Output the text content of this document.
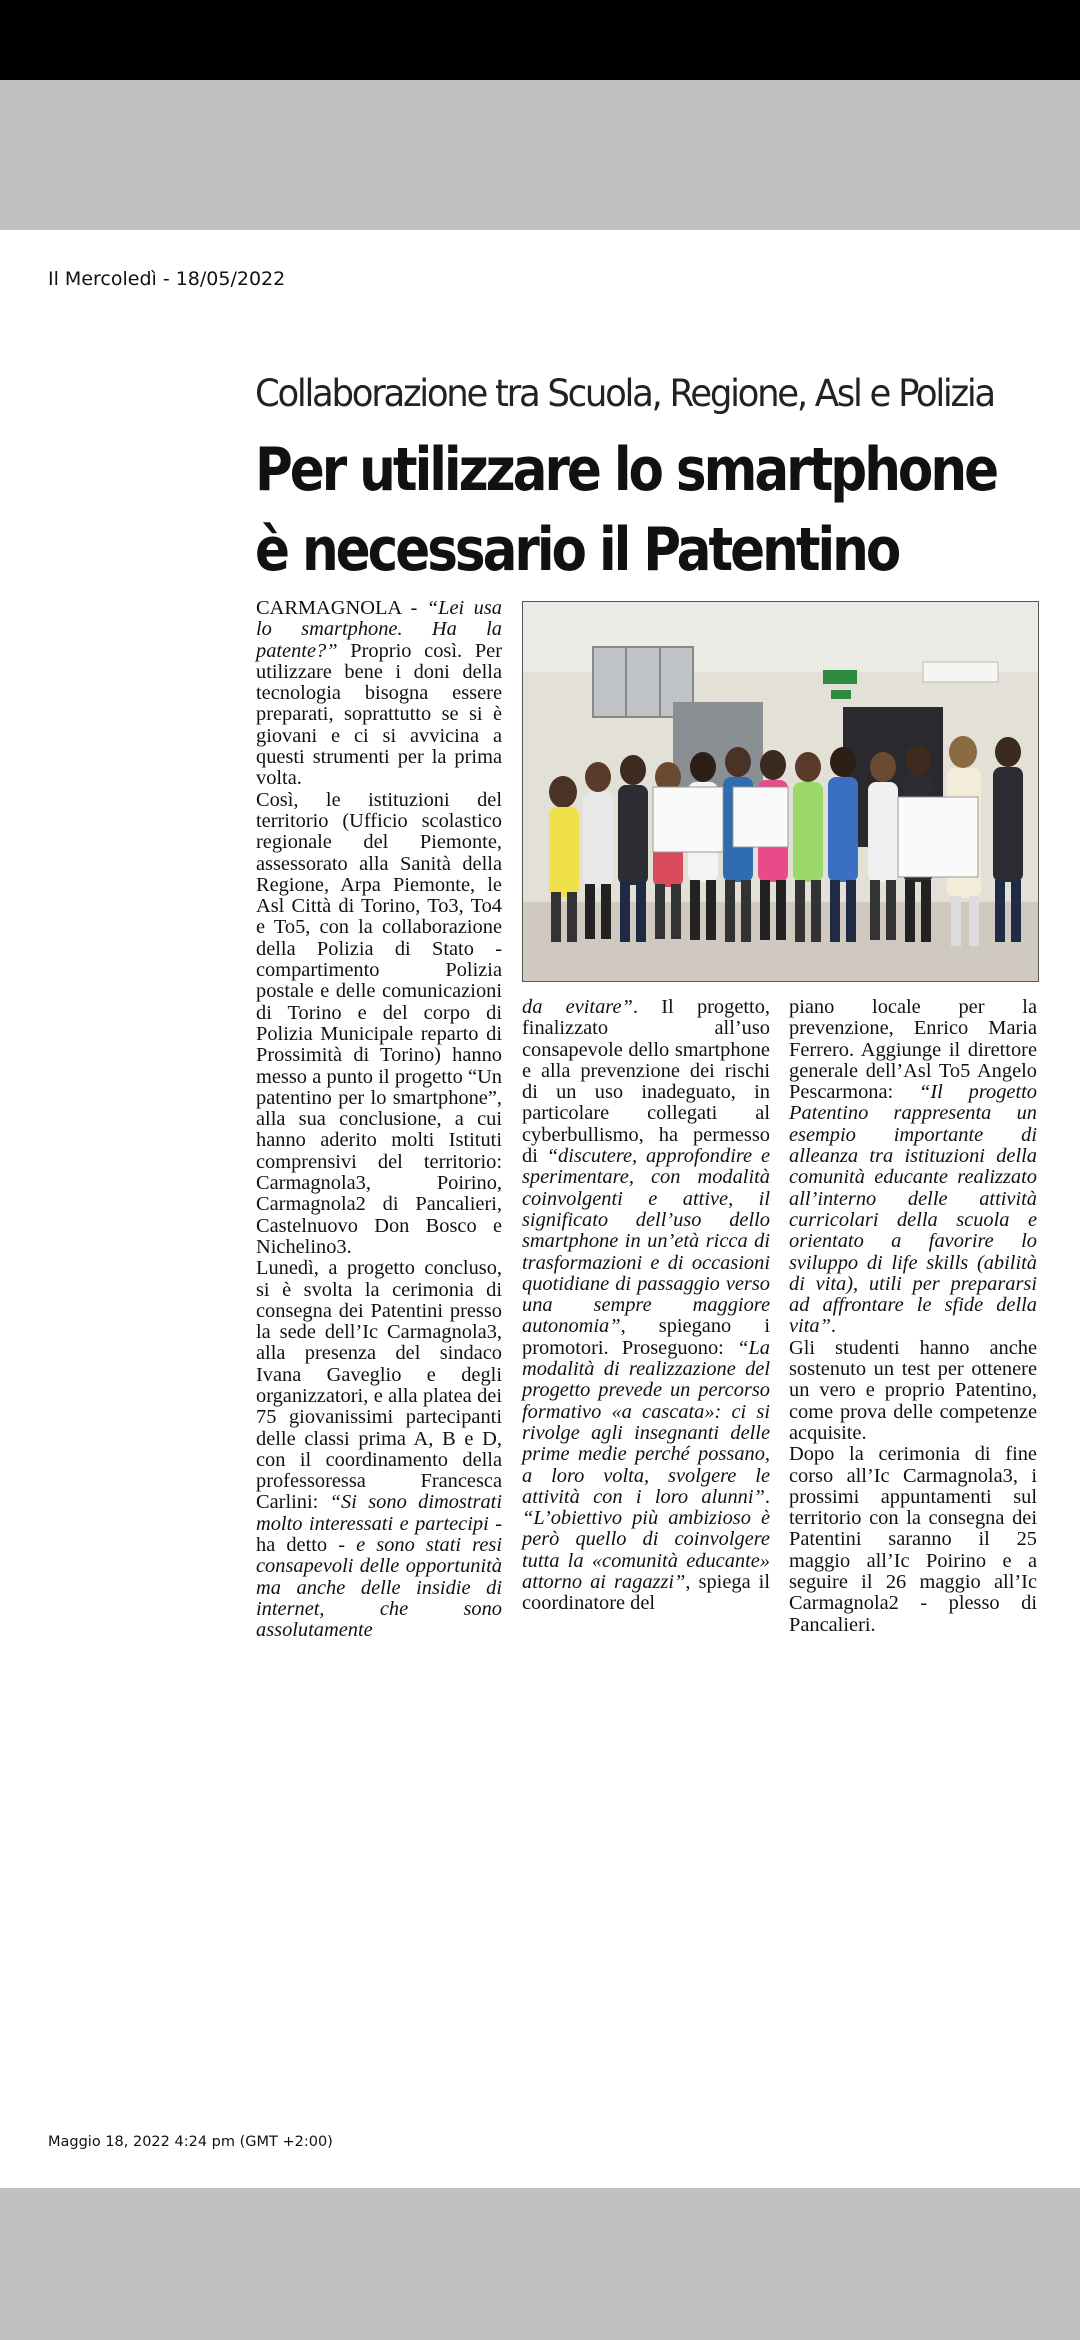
Il Mercoledì - 18/05/2022
Collaborazione tra Scuola, Regione, Asl e Polizia
Per utilizzare lo smartphone
è necessario il Patentino

CARMAGNOLA - “Lei usa lo smartphone. Ha la patente?” Proprio così. Per utilizzare bene i doni della tecnologia bisogna essere preparati, soprattutto se si è giovani e ci si avvicina a questi strumenti per la prima volta.

Così, le istituzioni del territorio (Ufficio scolastico regionale del Piemonte, assessorato alla Sanità della Regione, Arpa Piemonte, le Asl Città di Torino, To3, To4 e To5, con la collaborazione della Polizia di Stato - compartimento Polizia postale e delle comunicazioni di Torino e del corpo di Polizia Municipale reparto di Prossimità di Torino) hanno messo a punto il progetto “Un patentino per lo smartphone”, alla sua conclusione, a cui hanno aderito molti Istituti comprensivi del territorio: Carmagnola3, Poirino, Carmagnola2 di Pancalieri, Castelnuovo Don Bosco e Nichelino3.

Lunedì, a progetto concluso, si è svolta la cerimonia di consegna dei Patentini presso la sede dell’Ic Carmagnola3, alla presenza del sindaco Ivana Gaveglio e degli organizzatori, e alla platea dei 75 giovanissimi partecipanti delle classi prima A, B e D, con il coordinamento della professoressa Francesca Carlini: “Si sono dimostrati molto interessati e partecipi - ha detto - e sono stati resi consapevoli delle opportunità ma anche delle insidie di internet, che sono assolutamente

da evitare”. Il progetto, finalizzato all’uso consapevole dello smartphone e alla prevenzione dei rischi di un uso inadeguato, in particolare collegati al cyberbullismo, ha permesso di “discutere, approfondire e sperimentare, con modalità coinvolgenti e attive, il significato dell’uso dello smartphone in un’età ricca di trasformazioni e di occasioni quotidiane di passaggio verso una sempre maggiore autonomia”, spiegano i promotori. Proseguono: “La modalità di realizzazione del progetto prevede un percorso formativo «a cascata»: ci si rivolge agli insegnanti delle prime medie perché possano, a loro volta, svolgere le attività con i loro alunni”. “L’obiettivo più ambizioso è però quello di coinvolgere tutta la «comunità educante» attorno ai ragazzi”, spiega il coordinatore del

piano locale per la prevenzione, Enrico Maria Ferrero. Aggiunge il direttore generale dell’Asl To5 Angelo Pescarmona: “Il progetto Patentino rappresenta un esempio importante di alleanza tra istituzioni della comunità educante realizzato all’interno delle attività curricolari della scuola e orientato a favorire lo sviluppo di life skills (abilità di vita), utili per prepararsi ad affrontare le sfide della vita”.

Gli studenti hanno anche sostenuto un test per ottenere un vero e proprio Patentino, come prova delle competenze acquisite.

Dopo la cerimonia di fine corso all’Ic Carmagnola3, i prossimi appuntamenti sul territorio con la consegna dei Patentini saranno il 25 maggio all’Ic Poirino e a seguire il 26 maggio all’Ic Carmagnola2 - plesso di Pancalieri.

Maggio 18, 2022 4:24 pm (GMT +2:00)
